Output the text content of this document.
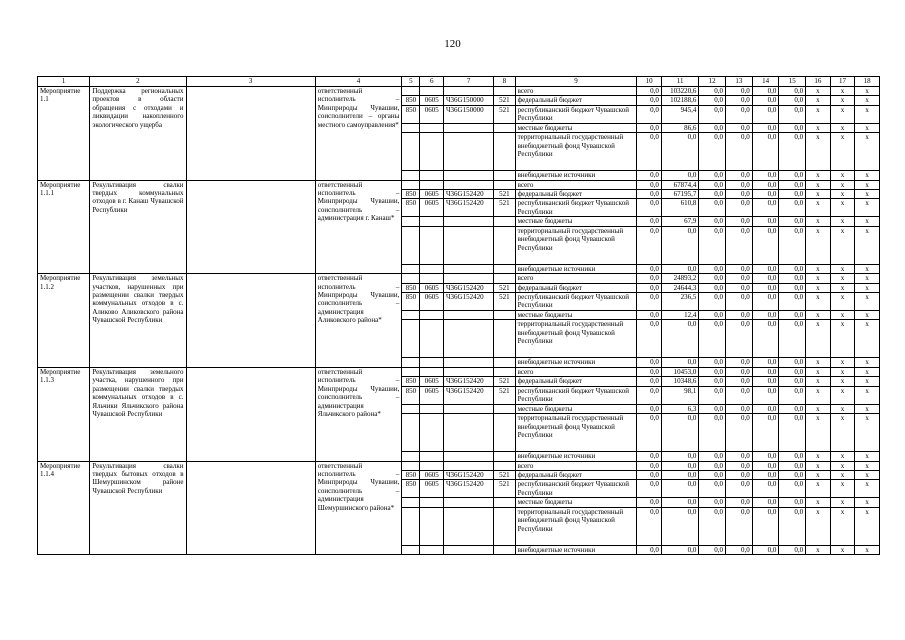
120
1	2	3	4	5	6	7	8	9	10	11	12	13	14	15	16	17	18
Мероприятие 1.1	Поддержка региональных проектов в области обращения с отходами и ликвидации накопленного экологического ущерба		ответственный исполнитель – Минприроды Чувашии, соисполнители – органы местного самоуправления*					всего	0,0	103220,6	0,0	0,0	0,0	0,0	x	x	x
				850	0605	Ч36G150000	521	федеральный бюджет	0,0	102188,6	0,0	0,0	0,0	0,0	x	x	x
				850	0605	Ч36G150000	521	республиканский бюджет Чувашской Республики	0,0	945,4	0,0	0,0	0,0	0,0	x	x	x
								местные бюджеты	0,0	86,6	0,0	0,0	0,0	0,0	x	x	x
								территориальный государственный внебюджетный фонд Чувашской Республики	0,0	0,0	0,0	0,0	0,0	0,0	x	x	x
								внебюджетные источники	0,0	0,0	0,0	0,0	0,0	0,0	x	x	x
Мероприятие 1.1.1	Рекультивация свалки твердых коммунальных отходов в г. Канаш Чувашской Республики		ответственный исполнитель – Минприроды Чувашии, соисполнитель – администрация г. Канаш*					всего	0,0	67874,4	0,0	0,0	0,0	0,0	x	x	x
				850	0605	Ч36G152420	521	федеральный бюджет	0,0	67195,7	0,0	0,0	0,0	0,0	x	x	x
				850	0605	Ч36G152420	521	республиканский бюджет Чувашской Республики	0,0	610,8	0,0	0,0	0,0	0,0	x	x	x
								местные бюджеты	0,0	67,9	0,0	0,0	0,0	0,0	x	x	x
								территориальный государственный внебюджетный фонд Чувашской Республики	0,0	0,0	0,0	0,0	0,0	0,0	x	x	x
								внебюджетные источники	0,0	0,0	0,0	0,0	0,0	0,0	x	x	x
Мероприятие 1.1.2	Рекультивация земельных участков, нарушенных при размещении свалки твердых коммунальных отходов в с. Аликово Аликовского района Чувашской Республики		ответственный исполнитель – Минприроды Чувашии, соисполнитель – администрация Аликовского района*					всего	0,0	24893,2	0,0	0,0	0,0	0,0	x	x	x
				850	0605	Ч36G152420	521	федеральный бюджет	0,0	24644,3	0,0	0,0	0,0	0,0	x	x	x
				850	0605	Ч36G152420	521	республиканский бюджет Чувашской Республики	0,0	236,5	0,0	0,0	0,0	0,0	x	x	x
								местные бюджеты	0,0	12,4	0,0	0,0	0,0	0,0	x	x	x
								территориальный государственный внебюджетный фонд Чувашской Республики	0,0	0,0	0,0	0,0	0,0	0,0	x	x	x
								внебюджетные источники	0,0	0,0	0,0	0,0	0,0	0,0	x	x	x
Мероприятие 1.1.3	Рекультивация земельного участка, нарушенного при размещении свалки твердых коммунальных отходов в с. Яльчики Яльчикского района Чувашской Республики		ответственный исполнитель – Минприроды Чувашии, соисполнитель – администрация Яльчикского района*					всего	0,0	10453,0	0,0	0,0	0,0	0,0	x	x	x
				850	0605	Ч36G152420	521	федеральный бюджет	0,0	10348,6	0,0	0,0	0,0	0,0	x	x	x
				850	0605	Ч36G152420	521	республиканский бюджет Чувашской Республики	0,0	98,1	0,0	0,0	0,0	0,0	x	x	x
								местные бюджеты	0,0	6,3	0,0	0,0	0,0	0,0	x	x	x
								территориальный государственный внебюджетный фонд Чувашской Республики	0,0	0,0	0,0	0,0	0,0	0,0	x	x	x
								внебюджетные источники	0,0	0,0	0,0	0,0	0,0	0,0	x	x	x
Мероприятие 1.1.4	Рекультивация свалки твердых бытовых отходов в Шемуршинском районе Чувашской Республики		ответственный исполнитель – Минприроды Чувашии, соисполнитель – администрация Шемуршинского района*					всего	0,0	0,0	0,0	0,0	0,0	0,0	x	x	x
				850	0605	Ч36G152420	521	федеральный бюджет	0,0	0,0	0,0	0,0	0,0	0,0	x	x	x
				850	0605	Ч36G152420	521	республиканский бюджет Чувашской Республики	0,0	0,0	0,0	0,0	0,0	0,0	x	x	x
								местные бюджеты	0,0	0,0	0,0	0,0	0,0	0,0	x	x	x
								территориальный государственный внебюджетный фонд Чувашской Республики	0,0	0,0	0,0	0,0	0,0	0,0	x	x	x
								внебюджетные источники	0,0	0,0	0,0	0,0	0,0	0,0	x	x	x
